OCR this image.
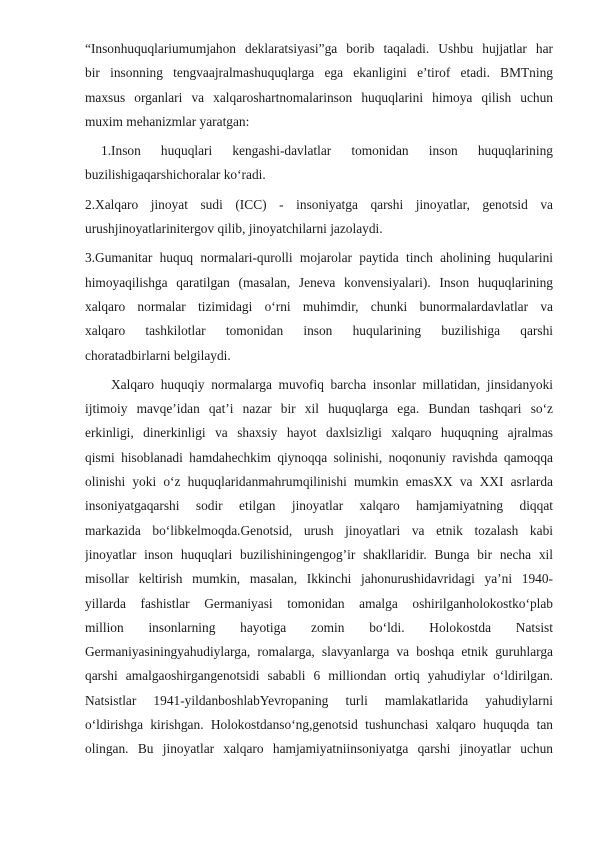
“Insonhuquqlariumumjahon deklaratsiyasi”ga borib taqaladi. Ushbu hujjatlar har
bir insonning tengvaajralmashuquqlarga ega ekanligini e’tirof etadi. BMTning
maxsus organlari va xalqaroshartnomalarinson huquqlarini himoya qilish uchun
muxim mehanizmlar yaratgan:

1.Inson huquqlari kengashi-davlatlar tomonidan inson huquqlarining
buzilishigaqarshichoralar ko‘radi.

2.Xalqaro jinoyat sudi (ICC) - insoniyatga qarshi jinoyatlar, genotsid va
urushjinoyatlarinitergov qilib, jinoyatchilarni jazolaydi.

3.Gumanitar huquq normalari-qurolli mojarolar paytida tinch aholining huqularini
himoyaqilishga qaratilgan (masalan, Jeneva konvensiyalari). Inson huquqlarining
xalqaro normalar tizimidagi o‘rni muhimdir, chunki bunormalardavlatlar va
xalqaro tashkilotlar tomonidan inson huqularining buzilishiga qarshi
choratadbirlarni belgilaydi.

Xalqaro huquqiy normalarga muvofiq barcha insonlar millatidan, jinsidanyoki
ijtimoiy mavqe’idan qat’i nazar bir xil huquqlarga ega. Bundan tashqari so‘z
erkinligi, dinerkinligi va shaxsiy hayot daxlsizligi xalqaro huquqning ajralmas
qismi hisoblanadi hamdahechkim qiynoqqa solinishi, noqonuniy ravishda qamoqqa
olinishi yoki o‘z huquqlaridanmahrumqilinishi mumkin emasXX va XXI asrlarda
insoniyatgaqarshi sodir etilgan jinoyatlar xalqaro hamjamiyatning diqqat
markazida bo‘libkelmoqda.Genotsid, urush jinoyatlari va etnik tozalash kabi
jinoyatlar inson huquqlari buzilishiningengog’ir shakllaridir. Bunga bir necha xil
misollar keltirish mumkin, masalan, Ikkinchi jahonurushidavridagi ya’ni 1940-
yillarda fashistlar Germaniyasi tomonidan amalga oshirilganholokostko‘plab
million insonlarning hayotiga zomin bo‘ldi. Holokostda Natsist
Germaniyasiningyahudiylarga, romalarga, slavyanlarga va boshqa etnik guruhlarga
qarshi amalgaoshirgangenotsidi sababli 6 milliondan ortiq yahudiylar o‘ldirilgan.
Natsistlar 1941-yildanboshlabYevropaning turli mamlakatlarida yahudiylarni
o‘ldirishga kirishgan. Holokostdanso‘ng,genotsid tushunchasi xalqaro huquqda tan
olingan. Bu jinoyatlar xalqaro hamjamiyatniinsoniyatga qarshi jinoyatlar uchun
